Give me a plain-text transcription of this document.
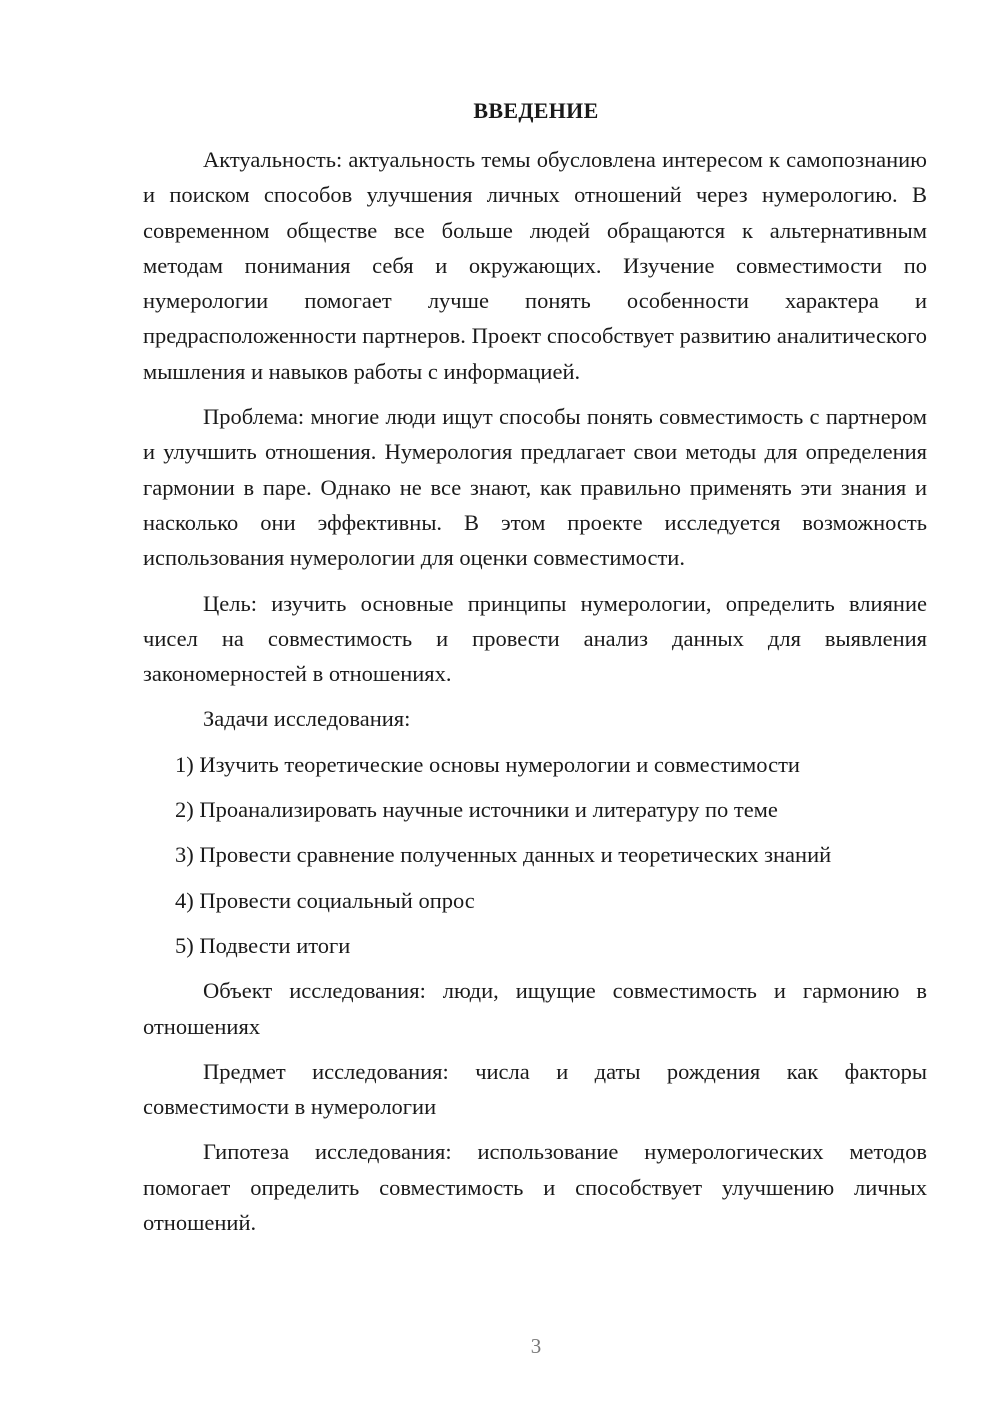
ВВЕДЕНИЕ

Актуальность: актуальность темы обусловлена интересом к самопознанию и поиском способов улучшения личных отношений через нумерологию. В современном обществе все больше людей обращаются к альтернативным методам понимания себя и окружающих. Изучение совместимости по нумерологии помогает лучше понять особенности характера и предрасположенности партнеров. Проект способствует развитию аналитического мышления и навыков работы с информацией.

Проблема: многие люди ищут способы понять совместимость с партнером и улучшить отношения. Нумерология предлагает свои методы для определения гармонии в паре. Однако не все знают, как правильно применять эти знания и насколько они эффективны. В этом проекте исследуется возможность использования нумерологии для оценки совместимости.

Цель: изучить основные принципы нумерологии, определить влияние чисел на совместимость и провести анализ данных для выявления закономерностей в отношениях.

Задачи исследования:

1) Изучить теоретические основы нумерологии и совместимости

2) Проанализировать научные источники и литературу по теме

3) Провести сравнение полученных данных и теоретических знаний

4) Провести социальный опрос

5) Подвести итоги

Объект исследования: люди, ищущие совместимость и гармонию в отношениях

Предмет исследования: числа и даты рождения как факторы совместимости в нумерологии

Гипотеза исследования: использование нумерологических методов помогает определить совместимость и способствует улучшению личных отношений.

3
